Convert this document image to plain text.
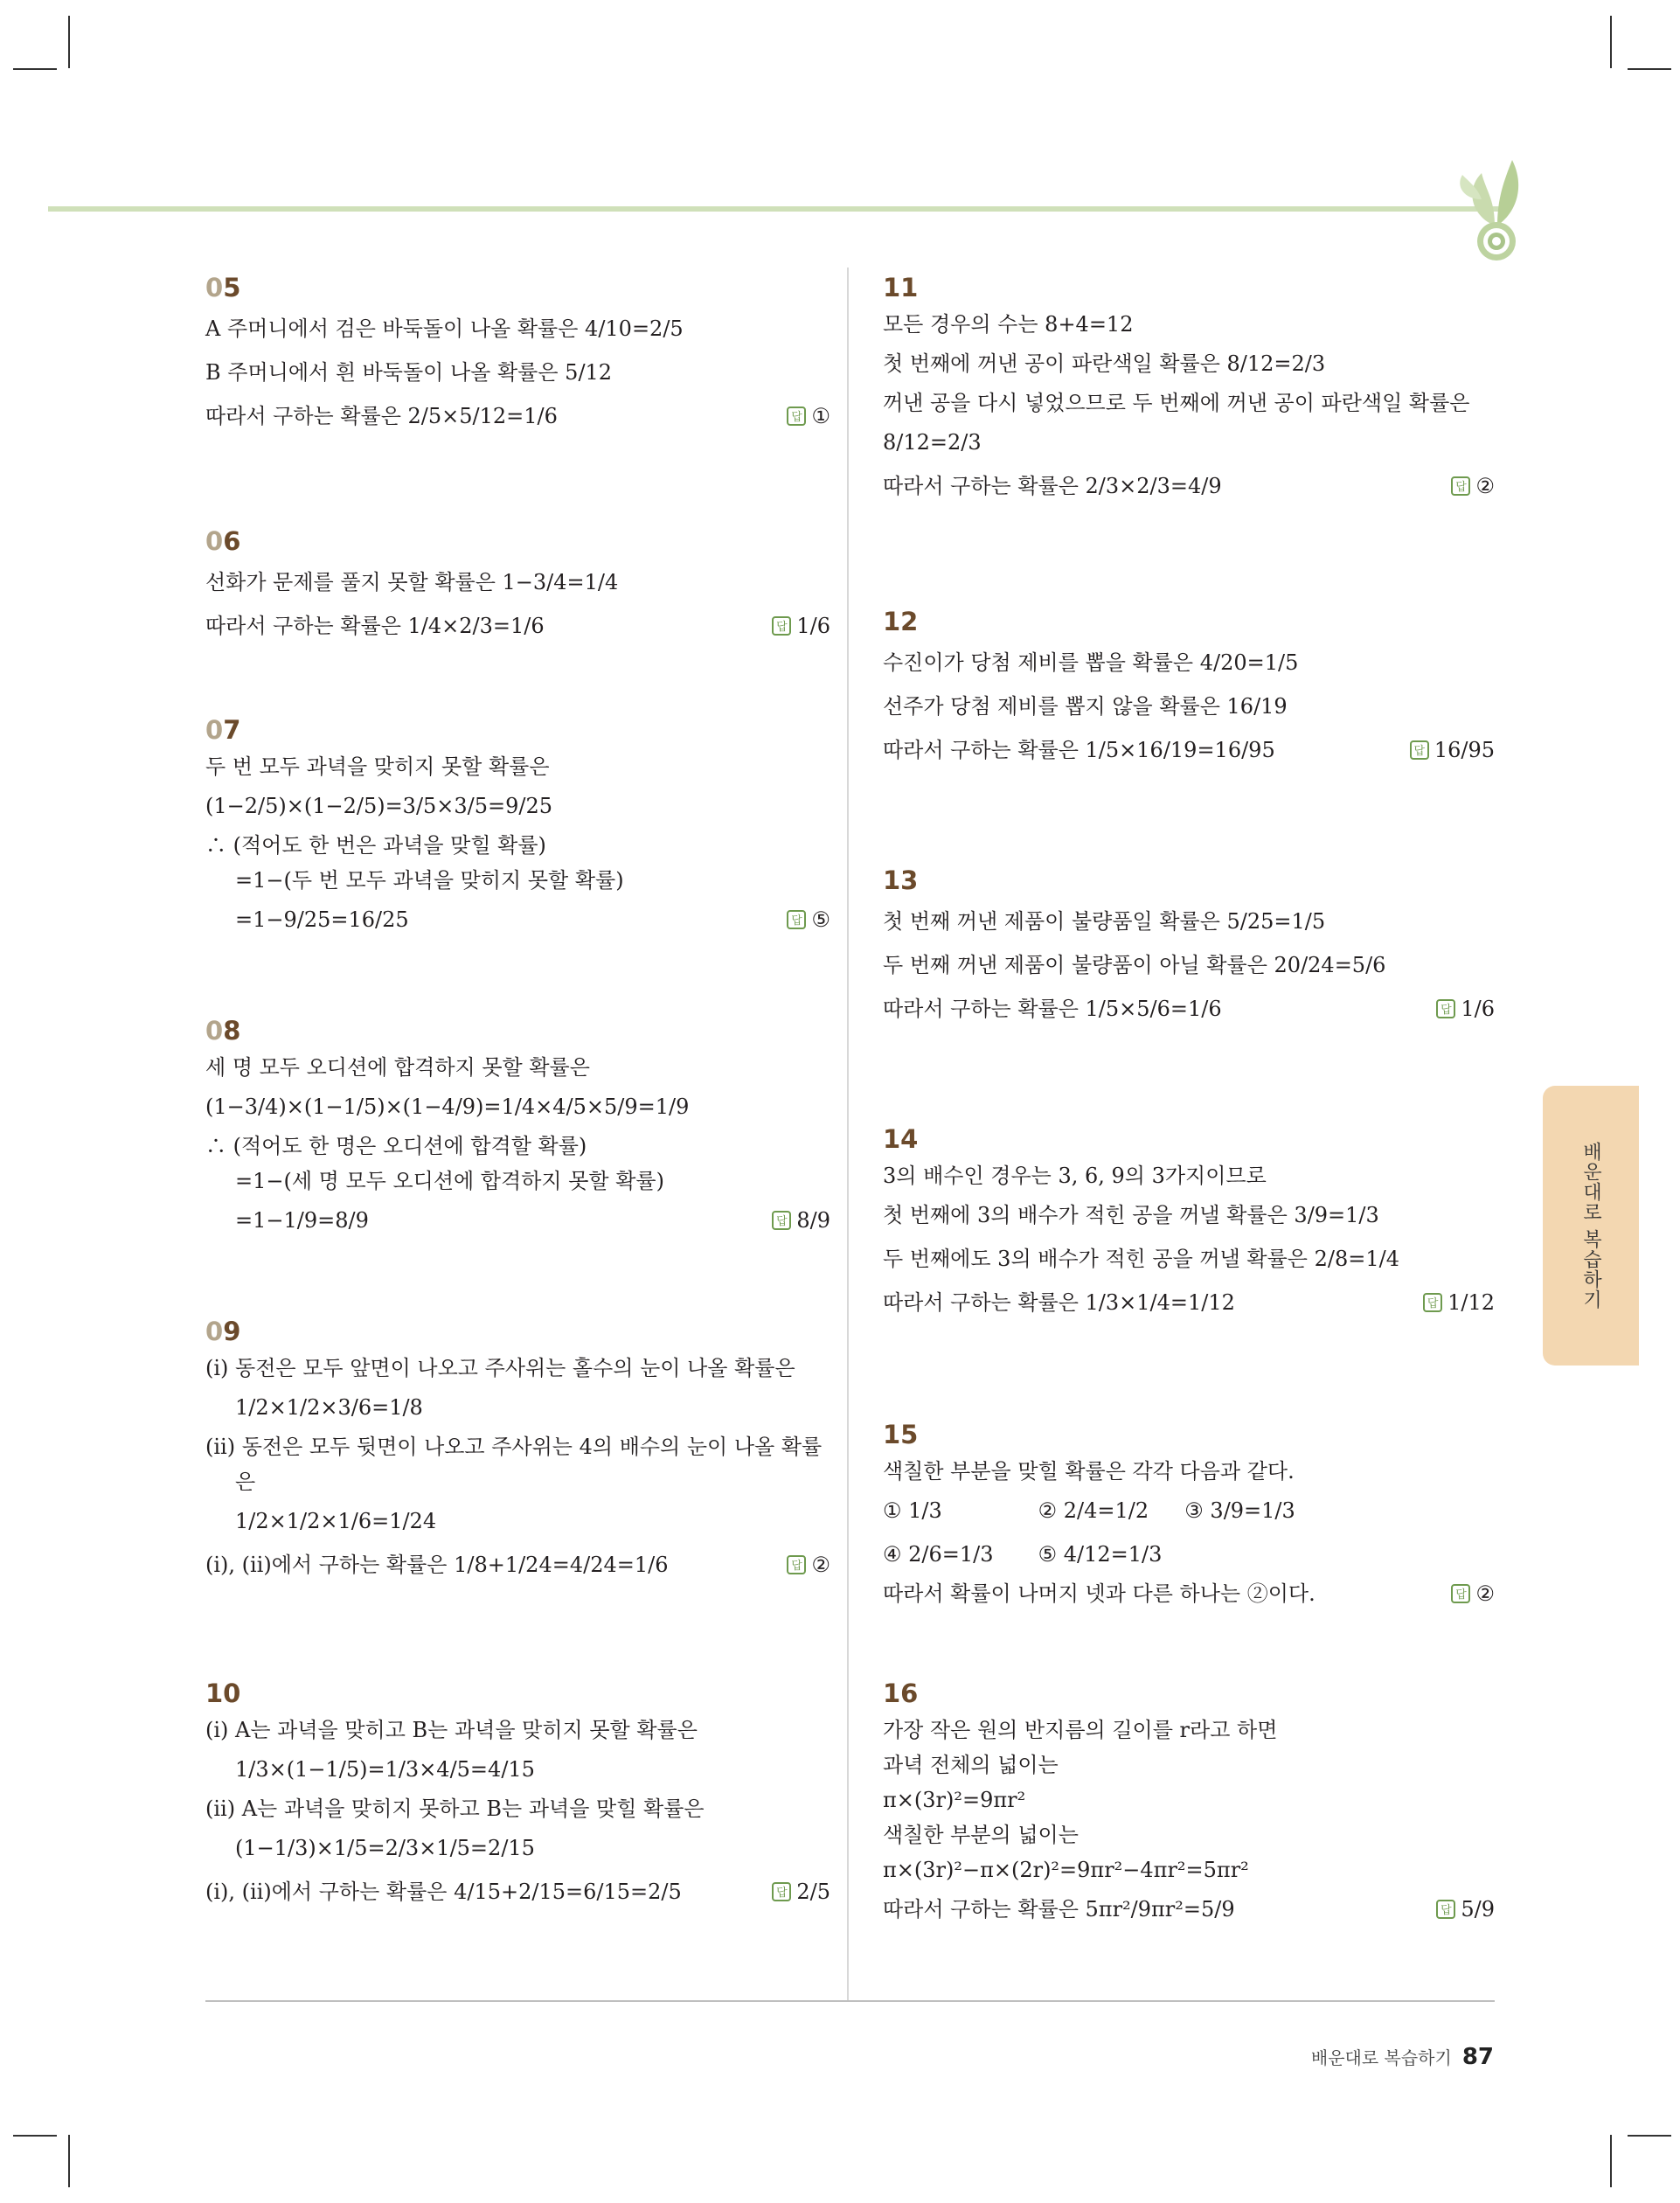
05
A 주머니에서 검은 바둑돌이 나올 확률은 4/10=2/5
B 주머니에서 흰 바둑돌이 나올 확률은 5/12
따라서 구하는 확률은 2/5×5/12=1/6	답 ①
06
선화가 문제를 풀지 못할 확률은 1−3/4=1/4
따라서 구하는 확률은 1/4×2/3=1/6	답 1/6
07
두 번 모두 과녁을 맞히지 못할 확률은
(1−2/5)×(1−2/5)=3/5×3/5=9/25
∴ (적어도 한 번은 과녁을 맞힐 확률)
=1−(두 번 모두 과녁을 맞히지 못할 확률)
=1−9/25=16/25	답 ⑤
08
세 명 모두 오디션에 합격하지 못할 확률은
(1−3/4)×(1−1/5)×(1−4/9)=1/4×4/5×5/9=1/9
∴ (적어도 한 명은 오디션에 합격할 확률)
=1−(세 명 모두 오디션에 합격하지 못할 확률)
=1−1/9=8/9	답 8/9
09
(ⅰ) 동전은 모두 앞면이 나오고 주사위는 홀수의 눈이 나올 확률은
1/2×1/2×3/6=1/8
(ⅱ) 동전은 모두 뒷면이 나오고 주사위는 4의 배수의 눈이 나올 확률
은
1/2×1/2×1/6=1/24
(ⅰ), (ⅱ)에서 구하는 확률은 1/8+1/24=4/24=1/6	답 ②
10
(ⅰ) A는 과녁을 맞히고 B는 과녁을 맞히지 못할 확률은
1/3×(1−1/5)=1/3×4/5=4/15
(ⅱ) A는 과녁을 맞히지 못하고 B는 과녁을 맞힐 확률은
(1−1/3)×1/5=2/3×1/5=2/15
(ⅰ), (ⅱ)에서 구하는 확률은 4/15+2/15=6/15=2/5	답 2/5
11
모든 경우의 수는 8+4=12
첫 번째에 꺼낸 공이 파란색일 확률은 8/12=2/3
꺼낸 공을 다시 넣었으므로 두 번째에 꺼낸 공이 파란색일 확률은
8/12=2/3
따라서 구하는 확률은 2/3×2/3=4/9	답 ②
12
수진이가 당첨 제비를 뽑을 확률은 4/20=1/5
선주가 당첨 제비를 뽑지 않을 확률은 16/19
따라서 구하는 확률은 1/5×16/19=16/95	답 16/95
13
첫 번째 꺼낸 제품이 불량품일 확률은 5/25=1/5
두 번째 꺼낸 제품이 불량품이 아닐 확률은 20/24=5/6
따라서 구하는 확률은 1/5×5/6=1/6	답 1/6
14
3의 배수인 경우는 3, 6, 9의 3가지이므로
첫 번째에 3의 배수가 적힌 공을 꺼낼 확률은 3/9=1/3
두 번째에도 3의 배수가 적힌 공을 꺼낼 확률은 2/8=1/4
따라서 구하는 확률은 1/3×1/4=1/12	답 1/12
15
색칠한 부분을 맞힐 확률은 각각 다음과 같다.
① 1/3	② 2/4=1/2 ③ 3/9=1/3
④ 2/6=1/3 ⑤ 4/12=1/3
따라서 확률이 나머지 넷과 다른 하나는 ②이다.	답 ②
16
가장 작은 원의 반지름의 길이를 r라고 하면
과녁 전체의 넓이는
π×(3r)²=9πr²
색칠한 부분의 넓이는
π×(3r)²−π×(2r)²=9πr²−4πr²=5πr²
따라서 구하는 확률은 5πr²/9πr²=5/9	답 5/9
배운대로 복습하기
배운대로 복습하기 87
